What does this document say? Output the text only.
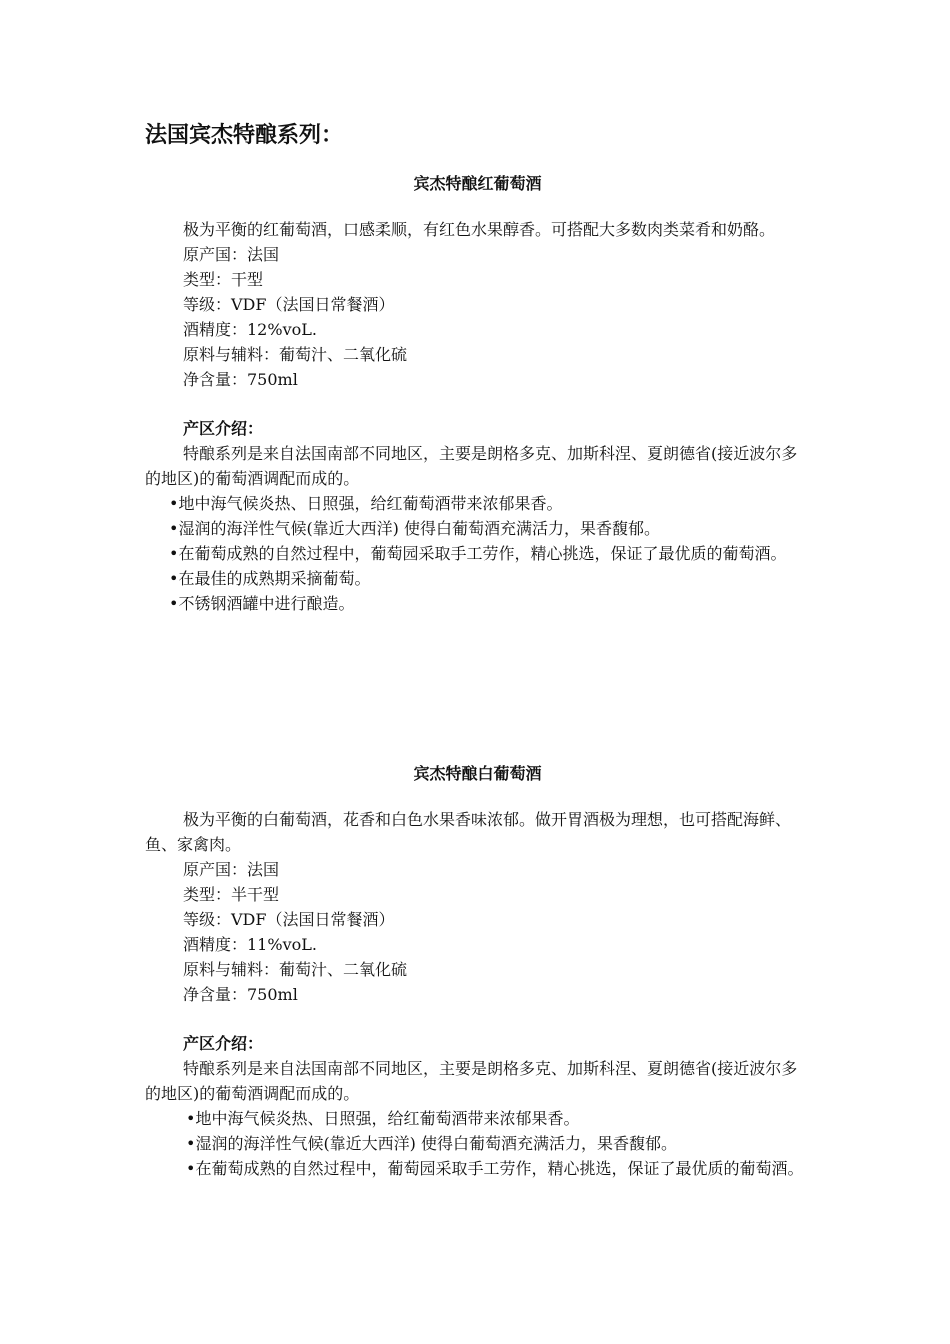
法国宾杰特酿系列：
宾杰特酿红葡萄酒

极为平衡的红葡萄酒，口感柔顺，有红色水果醇香。可搭配大多数肉类菜肴和奶酪。

原产国：法国
类型：干型
等级：VDF（法国日常餐酒）
酒精度：12%voL.
原料与辅料：葡萄汁、二氧化硫
净含量：750ml
产区介绍：

特酿系列是来自法国南部不同地区，主要是朗格多克、加斯科涅、夏朗德省(接近波尔多的地区)的葡萄酒调配而成的。

•地中海气候炎热、日照强，给红葡萄酒带来浓郁果香。

•湿润的海洋性气候(靠近大西洋) 使得白葡萄酒充满活力，果香馥郁。

•在葡萄成熟的自然过程中，葡萄园采取手工劳作，精心挑选，保证了最优质的葡萄酒。

•在最佳的成熟期采摘葡萄。

•不锈钢酒罐中进行酿造。

宾杰特酿白葡萄酒

极为平衡的白葡萄酒，花香和白色水果香味浓郁。做开胃酒极为理想，也可搭配海鲜、鱼、家禽肉。

原产国：法国
类型：半干型
等级：VDF（法国日常餐酒）
酒精度：11%voL.
原料与辅料：葡萄汁、二氧化硫
净含量：750ml
产区介绍：

特酿系列是来自法国南部不同地区，主要是朗格多克、加斯科涅、夏朗德省(接近波尔多的地区)的葡萄酒调配而成的。

•地中海气候炎热、日照强，给红葡萄酒带来浓郁果香。

•湿润的海洋性气候(靠近大西洋) 使得白葡萄酒充满活力，果香馥郁。

•在葡萄成熟的自然过程中，葡萄园采取手工劳作，精心挑选，保证了最优质的葡萄酒。
